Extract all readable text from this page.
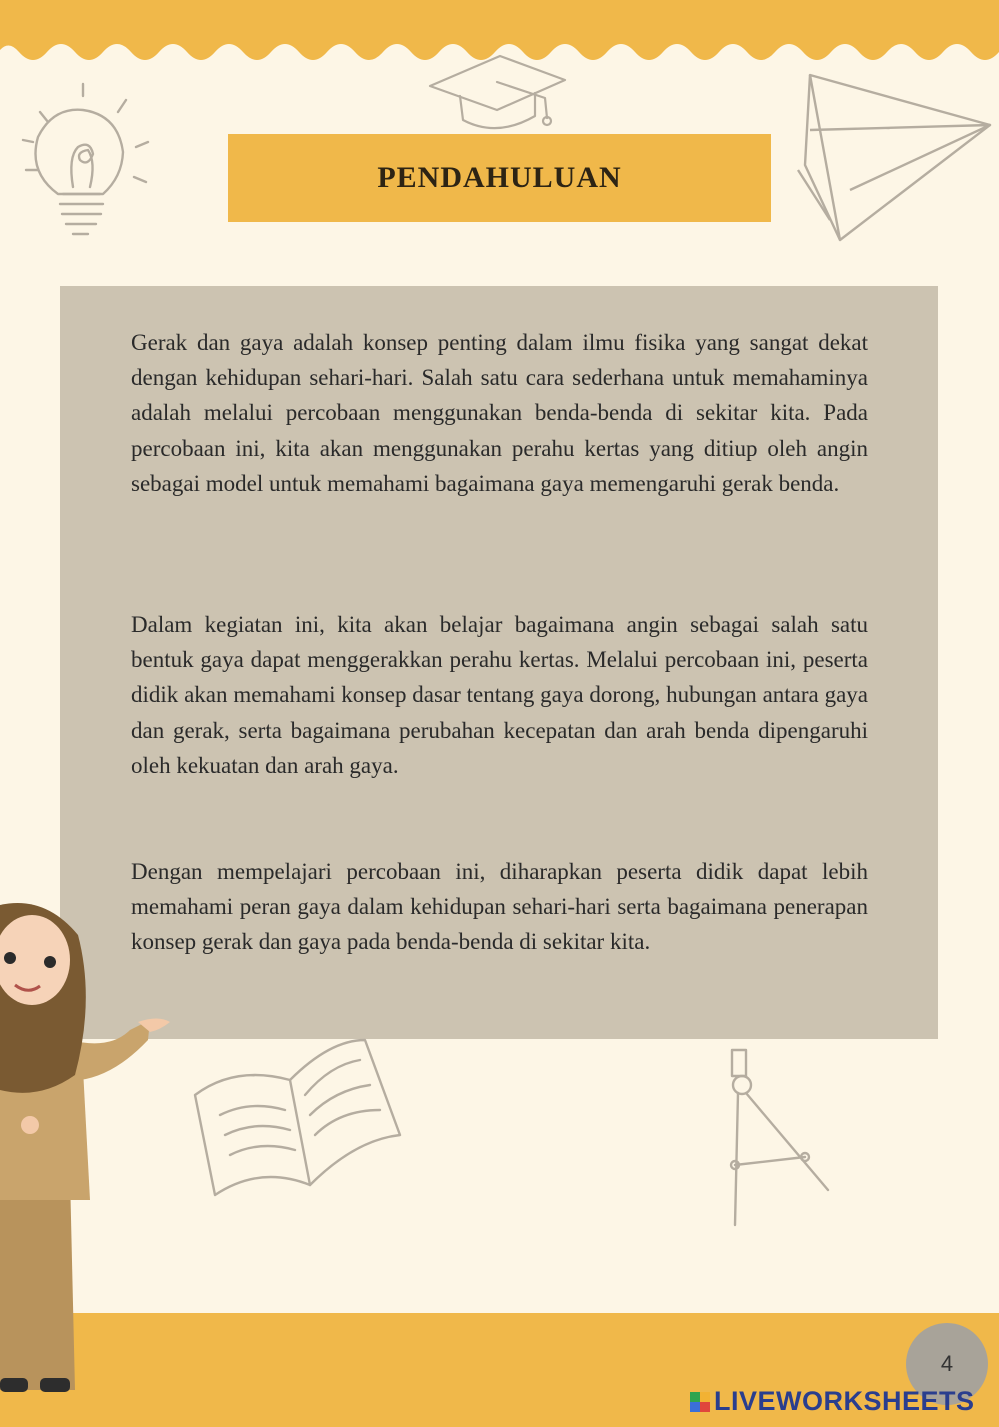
PENDAHULUAN

Gerak dan gaya adalah konsep penting dalam ilmu fisika yang sangat dekat dengan kehidupan sehari-hari. Salah satu cara sederhana untuk memahaminya adalah melalui percobaan menggunakan benda-benda di sekitar kita. Pada percobaan ini, kita akan menggunakan perahu kertas yang ditiup oleh angin sebagai model untuk memahami bagaimana gaya memengaruhi gerak benda.

Dalam kegiatan ini, kita akan belajar bagaimana angin sebagai salah satu bentuk gaya dapat menggerakkan perahu kertas. Melalui percobaan ini, peserta didik akan memahami konsep dasar tentang gaya dorong, hubungan antara gaya dan gerak, serta bagaimana perubahan kecepatan dan arah benda dipengaruhi oleh kekuatan dan arah gaya.

Dengan mempelajari percobaan ini, diharapkan peserta didik dapat lebih memahami peran gaya dalam kehidupan sehari-hari serta bagaimana penerapan konsep gerak dan gaya pada benda-benda di sekitar kita.

4
LIVEWORKSHEETS
